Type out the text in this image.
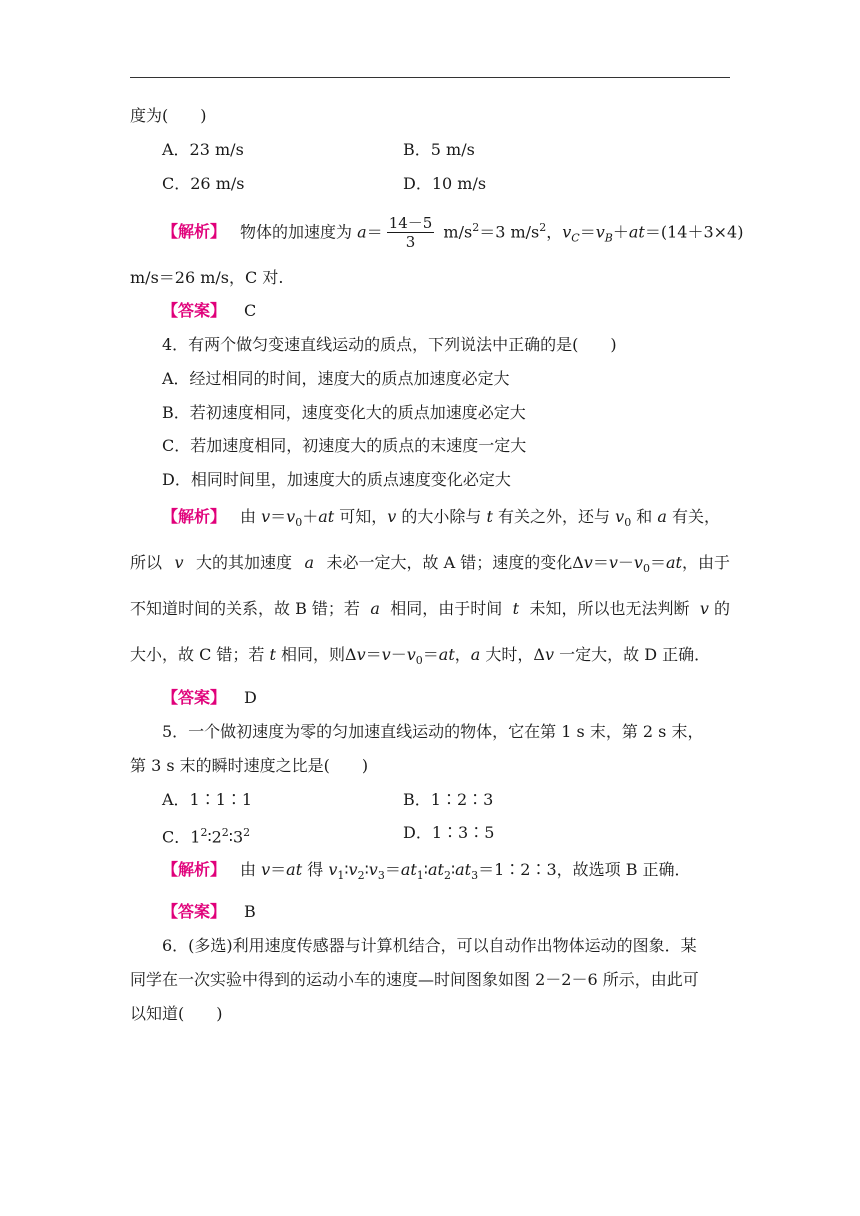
度为(　　)
A．23 m/s	B．5 m/s
C．26 m/s	D．10 m/s
【解析】 物体的加速度为 $a= \frac{14-5}{3} m/s^2=3$ $m/s^2$，$v_C=v_B+at=(14+3\times 4)$
m/s＝26 m/s，C 对.
【答案】 C
4．有两个做匀变速直线运动的质点，下列说法中正确的是(　　)
A．经过相同的时间，速度大的质点加速度必定大
B．若初速度相同，速度变化大的质点加速度必定大
C．若加速度相同，初速度大的质点的末速度一定大
D．相同时间里，加速度大的质点速度变化必定大
【解析】 由 $v=v_0+at$ 可知，v 的大小除与 t 有关之外，还与 $v_0$ 和 a 有关，
所以 v 大的其加速度 a 未必一定大，故 A 错；速度的变化$\Delta v=v-v_0=at$，由于
不知道时间的关系，故 B 错；若 a 相同，由于时间 t 未知，所以也无法判断 v 的
大小，故 C 错；若 t 相同，则$\Delta v=v-v_0=at$，a 大时，Δv 一定大，故 D 正确．
【答案】 D
5．一个做初速度为零的匀加速直线运动的物体，它在第 1 s 末，第 2 s 末，
第 3 s 末的瞬时速度之比是(　　)
A．1∶1∶1	B．1∶2∶3
C．$1^2∶2^2∶3^2$	D．1∶3∶5
【解析】 由 v＝at 得 $v_1∶v_2∶v_3=at_1∶at_2∶at_3=1∶2∶3$，故选项 B 正确．
【答案】 B
6．(多选)利用速度传感器与计算机结合，可以自动作出物体运动的图象．某
同学在一次实验中得到的运动小车的速度—时间图象如图 2－2－6 所示，由此可
以知道(　　)
